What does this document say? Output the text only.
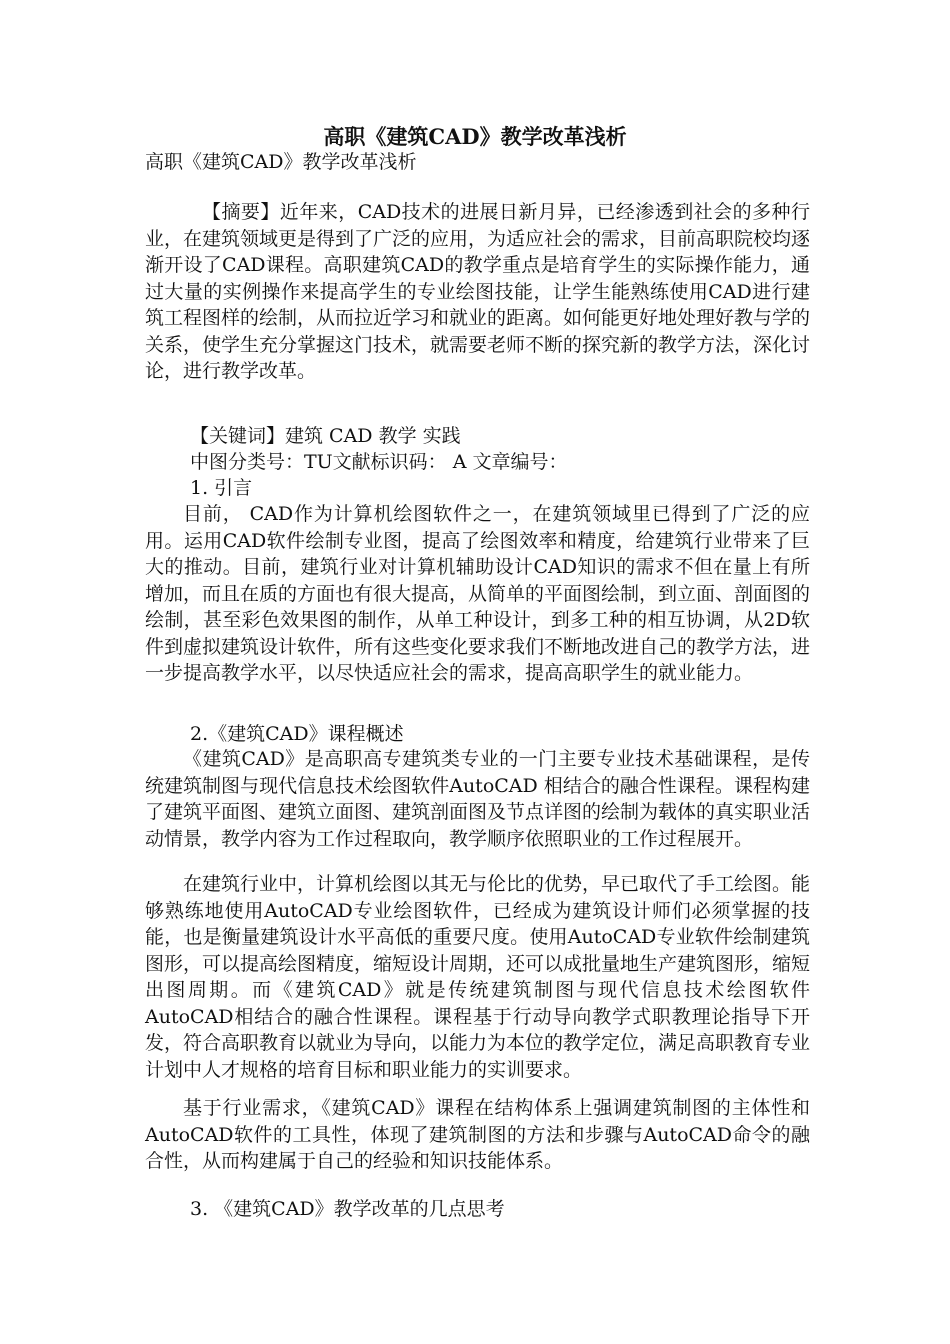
高职《建筑CAD》教学改革浅析

高职《建筑CAD》教学改革浅析

【摘要】近年来，CAD技术的进展日新月异，已经渗透到社会的多种行业，在建筑领域更是得到了广泛的应用，为适应社会的需求，目前高职院校均逐渐开设了CAD课程。高职建筑CAD的教学重点是培育学生的实际操作能力，通过大量的实例操作来提高学生的专业绘图技能，让学生能熟练使用CAD进行建筑工程图样的绘制，从而拉近学习和就业的距离。如何能更好地处理好教与学的关系，使学生充分掌握这门技术，就需要老师不断的探究新的教学方法，深化讨论，进行教学改革。

【关键词】建筑 CAD 教学 实践

中图分类号：TU文献标识码： A 文章编号：

1. 引言

目前， CAD作为计算机绘图软件之一，在建筑领域里已得到了广泛的应用。运用CAD软件绘制专业图，提高了绘图效率和精度，给建筑行业带来了巨大的推动。目前，建筑行业对计算机辅助设计CAD知识的需求不但在量上有所增加，而且在质的方面也有很大提高，从简单的平面图绘制，到立面、剖面图的绘制，甚至彩色效果图的制作，从单工种设计，到多工种的相互协调，从2D软件到虚拟建筑设计软件，所有这些变化要求我们不断地改进自己的教学方法，进一步提高教学水平，以尽快适应社会的需求，提高高职学生的就业能力。

2.《建筑CAD》课程概述

《建筑CAD》是高职高专建筑类专业的一门主要专业技术基础课程，是传统建筑制图与现代信息技术绘图软件AutoCAD 相结合的融合性课程。课程构建了建筑平面图、建筑立面图、建筑剖面图及节点详图的绘制为载体的真实职业活动情景，教学内容为工作过程取向，教学顺序依照职业的工作过程展开。

在建筑行业中，计算机绘图以其无与伦比的优势，早已取代了手工绘图。能够熟练地使用AutoCAD专业绘图软件，已经成为建筑设计师们必须掌握的技能，也是衡量建筑设计水平高低的重要尺度。使用AutoCAD专业软件绘制建筑图形，可以提高绘图精度，缩短设计周期，还可以成批量地生产建筑图形，缩短出图周期。而《建筑CAD》就是传统建筑制图与现代信息技术绘图软件AutoCAD相结合的融合性课程。课程基于行动导向教学式职教理论指导下开发，符合高职教育以就业为导向，以能力为本位的教学定位，满足高职教育专业计划中人才规格的培育目标和职业能力的实训要求。

基于行业需求，《建筑CAD》课程在结构体系上强调建筑制图的主体性和AutoCAD软件的工具性，体现了建筑制图的方法和步骤与AutoCAD命令的融合性，从而构建属于自己的经验和知识技能体系。

3. 《建筑CAD》教学改革的几点思考
